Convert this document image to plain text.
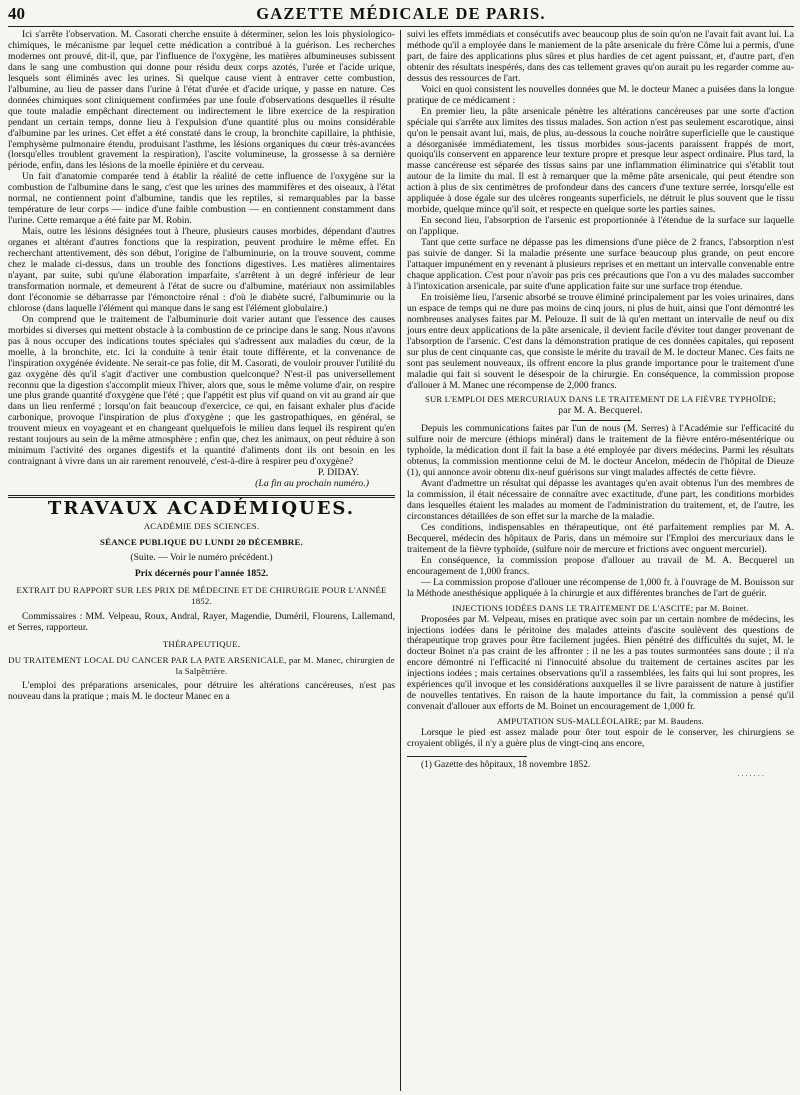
40	GAZETTE MÉDICALE DE PARIS.

Ici s'arrête l'observation. M. Casorati cherche ensuite à déterminer, selon les lois physiologico-chimiques, le mécanisme par lequel cette médication a contribué à la guérison. Les recherches modernes ont prouvé, dit-il, que, par l'influence de l'oxygène, les matières albumineuses subissent dans le sang une combustion qui donne pour résidu deux corps azotés, l'urée et l'acide urique, lesquels sont éliminés avec les urines. Si quelque cause vient à entraver cette combustion, l'albumine, au lieu de passer dans l'urine à l'état d'urée et d'acide urique, y passe en nature. Ces données chimiques sont cliniquement confirmées par une foule d'observations desquelles il résulte que toute maladie empêchant directement ou indirectement le libre exercice de la respiration pendant un certain temps, donne lieu à l'expulsion d'une quantité plus ou moins considérable d'albumine par les urines. Cet effet a été constaté dans le croup, la bronchite capillaire, la phthisie, l'emphysème pulmonaire étendu, produisant l'asthme, les lésions organiques du cœur très-avancées (lorsqu'elles troublent gravement la respiration), l'ascite volumineuse, la grossesse à sa dernière période, enfin, dans les lésions de la moelle épinière et du cerveau.

Un fait d'anatomie comparée tend à établir la réalité de cette influence de l'oxygène sur la combustion de l'albumine dans le sang, c'est que les urines des mammifères et des oiseaux, à l'état normal, ne contiennent point d'albumine, tandis que les reptiles, si remarquables par la basse température de leur corps — indice d'une faible combustion — en contiennent constamment dans l'urine. Cette remarque a été faite par M. Robin.

Mais, outre les lésions désignées tout à l'heure, plusieurs causes morbides, dépendant d'autres organes et altérant d'autres fonctions que la respiration, peuvent produire le même effet. En recherchant attentivement, dès son début, l'origine de l'albuminurie, on la trouve souvent, comme chez le malade ci-dessus, dans un trouble des fonctions digestives. Les matières alimentaires n'ayant, par suite, subi qu'une élaboration imparfaite, s'arrêtent à un degré inférieur de leur transformation normale, et demeurent à l'état de sucre ou d'albumine, matériaux non assimilables dont l'économie se débarrasse par l'émonctoire rénal : d'où le diabète sucré, l'albuminurie ou la chlorose (dans laquelle l'élément qui manque dans le sang est l'élément globulaire.)

On comprend que le traitement de l'albuminurie doit varier autant que l'essence des causes morbides si diverses qui mettent obstacle à la combustion de ce principe dans le sang. Nous n'avons pas à nous occuper des indications toutes spéciales qui s'adressent aux maladies du cœur, de la moelle, à la bronchite, etc. Ici la conduite à tenir était toute différente, et la convenance de l'inspiration oxygénée évidente. Ne serait-ce pas folie, dit M. Casorati, de vouloir prouver l'utilité du gaz oxygène dès qu'il s'agit d'activer une combustion quelconque? N'est-il pas universellement reconnu que la digestion s'accomplit mieux l'hiver, alors que, sous le même volume d'air, on respire une plus grande quantité d'oxygène que l'été ; que l'appétit est plus vif quand on vit au grand air que dans un lieu renfermé ; lorsqu'on fait beaucoup d'exercice, ce qui, en faisant exhaler plus d'acide carbonique, provoque l'inspiration de plus d'oxygène ; que les gastropathiques, en général, se trouvent mieux en voyageant et en changeant quelquefois le milieu dans lequel ils respirent qu'en restant toujours au sein de la même atmosphère ; enfin que, chez les animaux, on peut réduire à son minimum l'activité des organes digestifs et la quantité d'aliments dont ils ont besoin en les contraignant à vivre dans un air rarement renouvelé, c'est-à-dire à respirer peu d'oxygène?

P. DIDAY.
(La fin au prochain numéro.)
TRAVAUX ACADÉMIQUES.
ACADÉMIE DES SCIENCES.
SÉANCE PUBLIQUE DU LUNDI 20 DÉCEMBRE.
(Suite. — Voir le numéro précédent.)
Prix décernés pour l'année 1852.
EXTRAIT DU RAPPORT SUR LES PRIX DE MÉDECINE ET DE CHIRURGIE POUR L'ANNÉE 1852.

Commissaires : MM. Velpeau, Roux, Andral, Rayer, Magendie, Duméril, Flourens, Lallemand, et Serres, rapporteur.

THÉRAPEUTIQUE.
DU TRAITEMENT LOCAL DU CANCER PAR LA PATE ARSENICALE, par M. Manec, chirurgien de la Salpêtrière.

L'emploi des préparations arsenicales, pour détruire les altérations cancéreuses, n'est pas nouveau dans la pratique ; mais M. le docteur Manec en a

suivi les effets immédiats et consécutifs avec beaucoup plus de soin qu'on ne l'avait fait avant lui. La méthode qu'il a employée dans le maniement de la pâte arsenicale du frère Côme lui a permis, d'une part, de faire des applications plus sûres et plus hardies de cet agent puissant, et, d'autre part, d'en obtenir des résultats inespérés, dans des cas tellement graves qu'on aurait pu les regarder comme au-dessus des ressources de l'art.

Voici en quoi consistent les nouvelles données que M. le docteur Manec a puisées dans la longue pratique de ce médicament :

En premier lieu, la pâte arsenicale pénètre les altérations cancéreuses par une sorte d'action spéciale qui s'arrête aux limites des tissus malades. Son action n'est pas seulement escarotique, ainsi qu'on le pensait avant lui, mais, de plus, au-dessous la couche noirâtre superficielle que le caustique a désorganisée immédiatement, les tissus morbides sous-jacents paraissent frappés de mort, quoiqu'ils conservent en apparence leur texture propre et presque leur aspect ordinaire. Plus tard, la masse cancéreuse est séparée des tissus sains par une inflammation éliminatrice qui s'établit tout autour de la limite du mal. Il est à remarquer que la même pâte arsenicale, qui peut étendre son action à plus de six centimètres de profondeur dans des cancers d'une texture serrée, lorsqu'elle est appliquée à dose égale sur des ulcères rongeants superficiels, ne détruit le plus souvent que le tissu morbide, quelque mince qu'il soit, et respecte en quelque sorte les parties saines.

En second lieu, l'absorption de l'arsenic est proportionnée à l'étendue de la surface sur laquelle on l'applique.

Tant que cette surface ne dépasse pas les dimensions d'une pièce de 2 francs, l'absorption n'est pas suivie de danger. Si la maladie présente une surface beaucoup plus grande, on peut encore l'attaquer impunément en y revenant à plusieurs reprises et en mettant un intervalle convenable entre chaque application. C'est pour n'avoir pas pris ces précautions que l'on a vu des malades succomber à l'intoxication arsenicale, par suite d'une application faite sur une surface trop étendue.

En troisième lieu, l'arsenic absorbé se trouve éliminé principalement par les voies urinaires, dans un espace de temps qui ne dure pas moins de cinq jours, ni plus de huit, ainsi que l'ont démontré les nombreuses analyses faites par M. Pelouze. Il suit de là qu'en mettant un intervalle de neuf ou dix jours entre deux applications de la pâte arsenicale, il devient facile d'éviter tout danger provenant de l'absorption de l'arsenic. C'est dans la démonstration pratique de ces données capitales, qui reposent sur plus de cent cinquante cas, que consiste le mérite du travail de M. le docteur Manec. Ces faits ne sont pas seulement nouveaux, ils offrent encore la plus grande importance pour le traitement d'une maladie qui fait si souvent le désespoir de la chirurgie. En conséquence, la commission propose d'allouer à M. Manec une récompense de 2,000 francs.

SUR L'EMPLOI DES MERCURIAUX DANS LE TRAITEMENT DE LA FIÈVRE TYPHOÏDE;
par M. A. Becquerel.

Depuis les communications faites par l'un de nous (M. Serres) à l'Académie sur l'efficacité du sulfure noir de mercure (éthiops minéral) dans le traitement de la fièvre entéro-mésentérique ou typhoïde, la médication dont il fait la base a été employée par divers médecins. Parmi les résultats obtenus, la commission mentionne celui de M. le docteur Ancelon, médecin de l'hôpital de Dieuze (1), qui annonce avoir obtenu dix-neuf guérisons sur vingt malades affectés de cette fièvre.

Avant d'admettre un résultat qui dépasse les avantages qu'en avait obtenus l'un des membres de la commission, il était nécessaire de connaître avec exactitude, d'une part, les conditions morbides dans lesquelles étaient les malades au moment de l'administration du traitement, et, de l'autre, les circonstances détaillées de son effet sur la marche de la maladie.

Ces conditions, indispensables en thérapeutique, ont été parfaitement remplies par M. A. Becquerel, médecin des hôpitaux de Paris, dans un mémoire sur l'Emploi des mercuriaux dans le traitement de la fièvre typhoïde, (sulfure noir de mercure et frictions avec onguent mercuriel).

En conséquence, la commission propose d'allouer au travail de M. A. Becquerel un encouragement de 1,000 francs.

— La commission propose d'allouer une récompense de 1,000 fr. à l'ouvrage de M. Bouisson sur la Méthode anesthésique appliquée à la chirurgie et aux différentes branches de l'art de guérir.

INJECTIONS IODÉES DANS LE TRAITEMENT DE L'ASCITE; par M. Boinet.

Proposées par M. Velpeau, mises en pratique avec soin par un certain nombre de médecins, les injections iodées dans le péritoine des malades atteints d'ascite soulèvent des questions de thérapeutique trop graves pour être facilement jugées. Bien pénétré des difficultés du sujet, M. le docteur Boinet n'a pas craint de les affronter : il ne les a pas toutes surmontées sans doute ; il n'a encore démontré ni l'efficacité ni l'innocuité absolue du traitement de certaines ascites par les injections iodées ; mais certaines observations qu'il a rassemblées, les faits qui lui sont propres, les expériences qu'il invoque et les considérations auxquelles il se livre paraissent de nature à justifier de nouvelles tentatives. En raison de la haute importance du fait, la commission a pensé qu'il convenait d'allouer aux efforts de M. Boinet un encouragement de 1,000 fr.

AMPUTATION SUS-MALLÉOLAIRE; par M. Baudens.

Lorsque le pied est assez malade pour ôter tout espoir de le conserver, les chirurgiens se croyaient obligés, il n'y a guère plus de vingt-cinq ans encore,

(1) Gazette des hôpitaux, 18 novembre 1852.

· · · · · · ·
